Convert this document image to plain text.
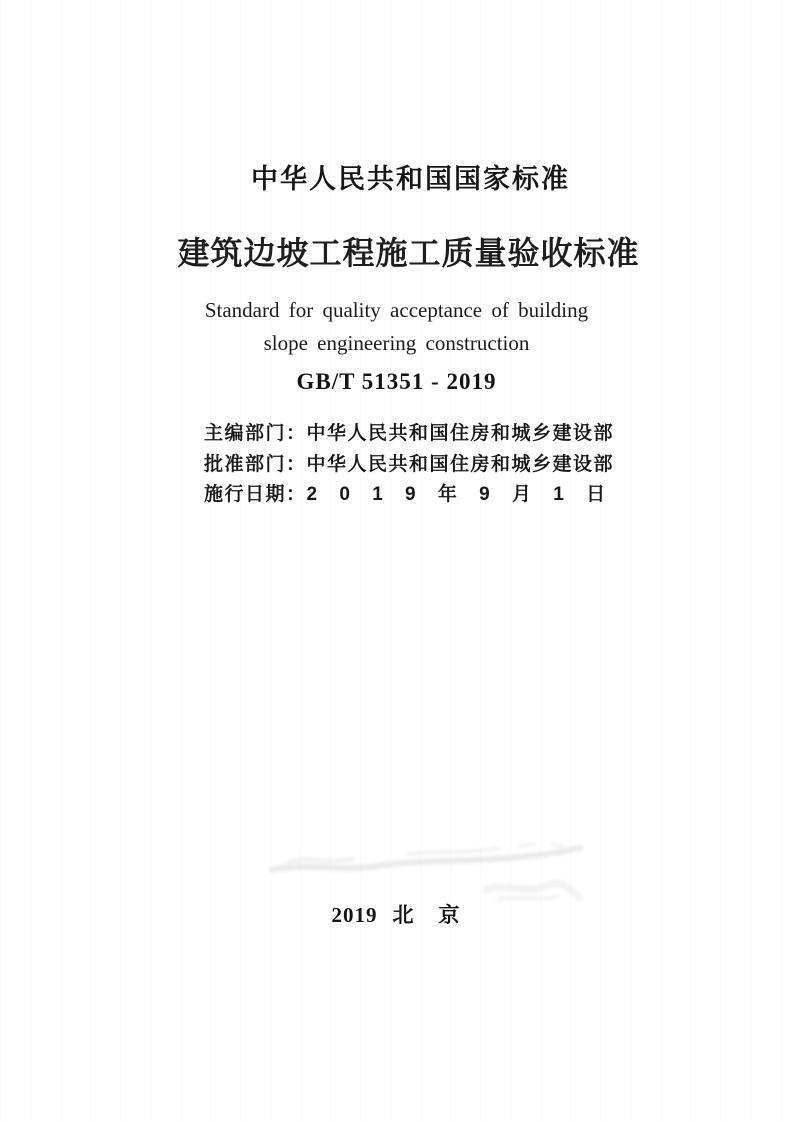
中华人民共和国国家标准
建筑边坡工程施工质量验收标准
Standard for quality acceptance of building
slope engineering construction
GB/T 51351 - 2019
主编部门：中华人民共和国住房和城乡建设部
批准部门：中华人民共和国住房和城乡建设部
施行日期：2 0 1 9 年 9 月 1 日
2019 北　京
